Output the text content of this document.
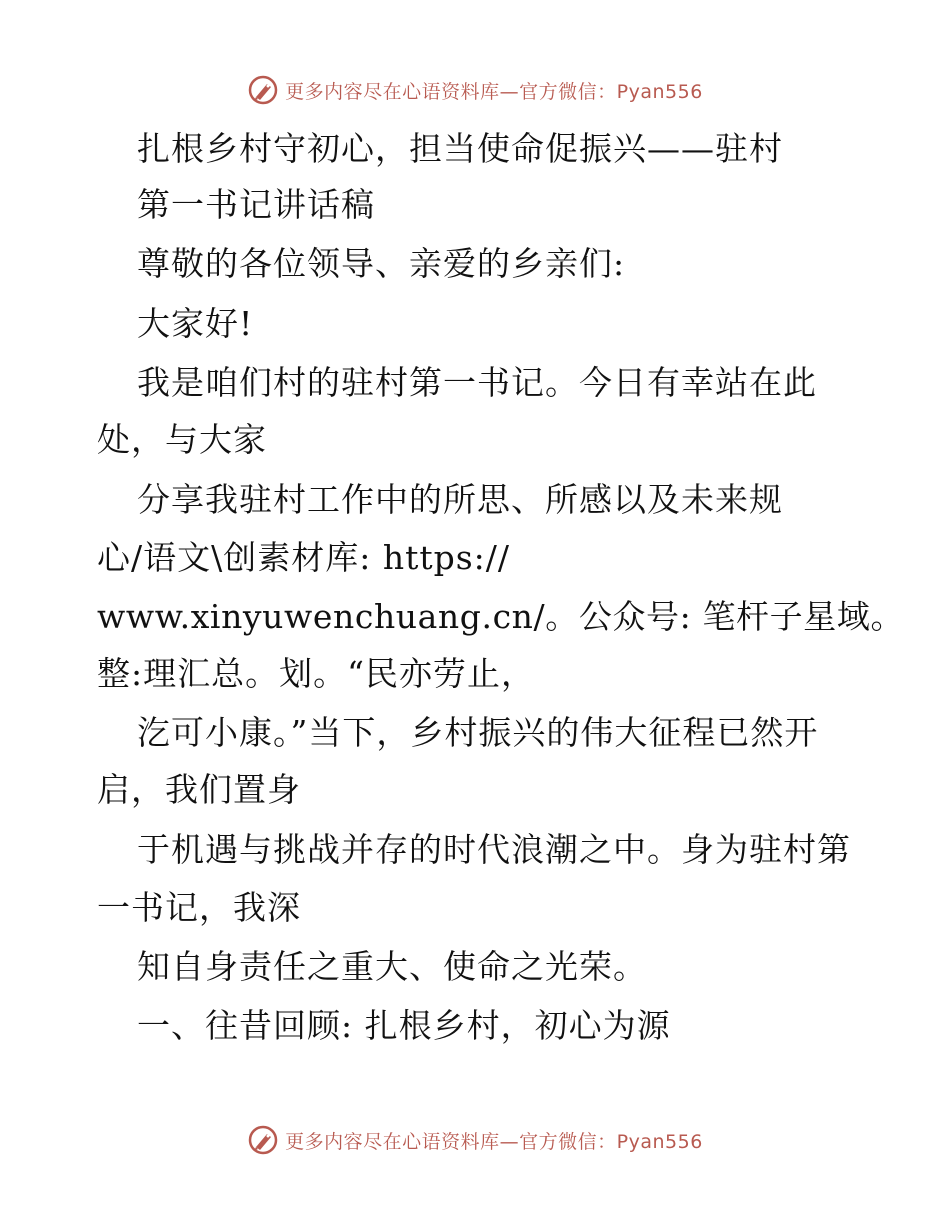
更多内容尽在心语资料库—官方微信：Pyan556
扎根乡村守初心，担当使命促振兴——驻村
第一书记讲话稿
尊敬的各位领导、亲爱的乡亲们:
大家好!
我是咱们村的驻村第一书记。今日有幸站在此
处，与大家
分享我驻村工作中的所思、所感以及未来规
心/语文\创素材库: https://
www.xinyuwenchuang.cn/。公众号: 笔杆子星域。
整:理汇总。划。“民亦劳止，
汔可小康。”当下，乡村振兴的伟大征程已然开
启，我们置身
于机遇与挑战并存的时代浪潮之中。身为驻村第
一书记，我深
知自身责任之重大、使命之光荣。
一、往昔回顾: 扎根乡村，初心为源
更多内容尽在心语资料库—官方微信：Pyan556
